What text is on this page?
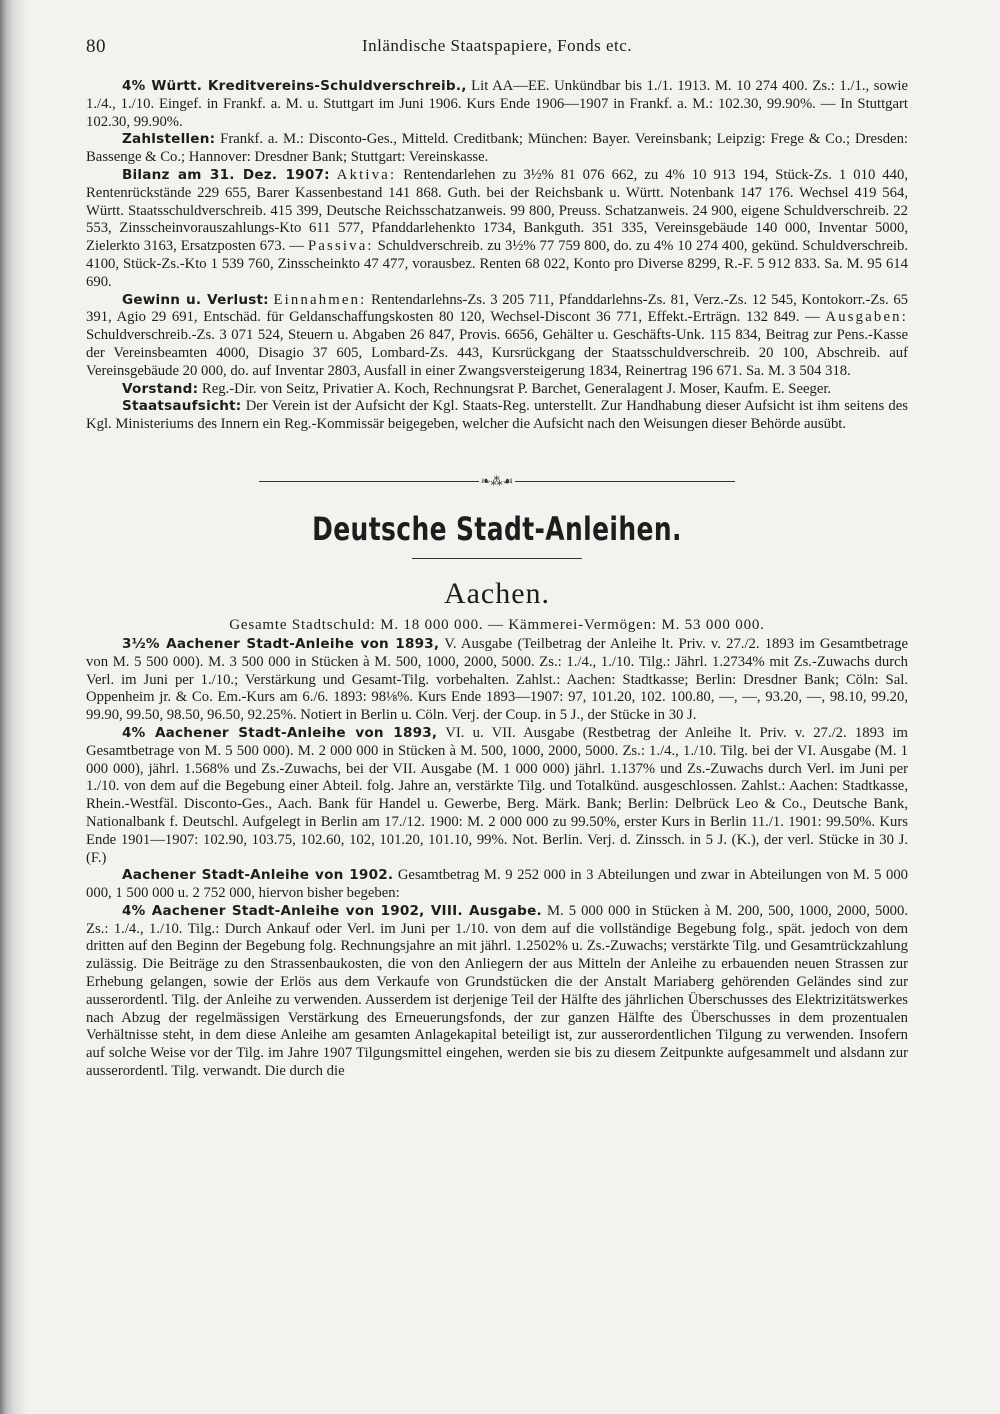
80	Inländische Staatspapiere, Fonds etc.

4% Württ. Kreditvereins-Schuldverschreib., Lit AA—EE. Unkündbar bis 1./1. 1913. M. 10 274 400. Zs.: 1./1., sowie 1./4., 1./10. Eingef. in Frankf. a. M. u. Stuttgart im Juni 1906. Kurs Ende 1906—1907 in Frankf. a. M.: 102.30, 99.90%. — In Stuttgart 102.30, 99.90%.

Zahlstellen: Frankf. a. M.: Disconto-Ges., Mitteld. Creditbank; München: Bayer. Vereinsbank; Leipzig: Frege & Co.; Dresden: Bassenge & Co.; Hannover: Dresdner Bank; Stuttgart: Vereinskasse.

Bilanz am 31. Dez. 1907: Aktiva: Rentendarlehen zu 3½% 81 076 662, zu 4% 10 913 194, Stück-Zs. 1 010 440, Rentenrückstände 229 655, Barer Kassenbestand 141 868. Guth. bei der Reichsbank u. Württ. Notenbank 147 176. Wechsel 419 564, Württ. Staatsschuldverschreib. 415 399, Deutsche Reichsschatzanweis. 99 800, Preuss. Schatzanweis. 24 900, eigene Schuldverschreib. 22 553, Zinsscheinvorauszahlungs-Kto 611 577, Pfanddarlehenkto 1734, Bankguth. 351 335, Vereinsgebäude 140 000, Inventar 5000, Zielerkto 3163, Ersatzposten 673. — Passiva: Schuldverschreib. zu 3½% 77 759 800, do. zu 4% 10 274 400, gekünd. Schuldverschreib. 4100, Stück-Zs.-Kto 1 539 760, Zinsscheinkto 47 477, vorausbez. Renten 68 022, Konto pro Diverse 8299, R.-F. 5 912 833. Sa. M. 95 614 690.

Gewinn u. Verlust: Einnahmen: Rentendarlehns-Zs. 3 205 711, Pfanddarlehns-Zs. 81, Verz.-Zs. 12 545, Kontokorr.-Zs. 65 391, Agio 29 691, Entschäd. für Geldanschaffungskosten 80 120, Wechsel-Discont 36 771, Effekt.-Erträgn. 132 849. — Ausgaben: Schuldverschreib.-Zs. 3 071 524, Steuern u. Abgaben 26 847, Provis. 6656, Gehälter u. Geschäfts-Unk. 115 834, Beitrag zur Pens.-Kasse der Vereinsbeamten 4000, Disagio 37 605, Lombard-Zs. 443, Kursrückgang der Staatsschuldverschreib. 20 100, Abschreib. auf Vereinsgebäude 20 000, do. auf Inventar 2803, Ausfall in einer Zwangsversteigerung 1834, Reinertrag 196 671. Sa. M. 3 504 318.

Vorstand: Reg.-Dir. von Seitz, Privatier A. Koch, Rechnungsrat P. Barchet, Generalagent J. Moser, Kaufm. E. Seeger.

Staatsaufsicht: Der Verein ist der Aufsicht der Kgl. Staats-Reg. unterstellt. Zur Handhabung dieser Aufsicht ist ihm seitens des Kgl. Ministeriums des Innern ein Reg.-Kommissär beigegeben, welcher die Aufsicht nach den Weisungen dieser Behörde ausübt.

❧⁂☙
Deutsche Stadt-Anleihen.
Aachen.
Gesamte Stadtschuld: M. 18 000 000. — Kämmerei-Vermögen: M. 53 000 000.

3½% Aachener Stadt-Anleihe von 1893, V. Ausgabe (Teilbetrag der Anleihe lt. Priv. v. 27./2. 1893 im Gesamtbetrage von M. 5 500 000). M. 3 500 000 in Stücken à M. 500, 1000, 2000, 5000. Zs.: 1./4., 1./10. Tilg.: Jährl. 1.2734% mit Zs.-Zuwachs durch Verl. im Juni per 1./10.; Verstärkung und Gesamt-Tilg. vorbehalten. Zahlst.: Aachen: Stadtkasse; Berlin: Dresdner Bank; Cöln: Sal. Oppenheim jr. & Co. Em.-Kurs am 6./6. 1893: 98⅛%. Kurs Ende 1893—1907: 97, 101.20, 102. 100.80, —, —, 93.20, —, 98.10, 99.20, 99.90, 99.50, 98.50, 96.50, 92.25%. Notiert in Berlin u. Cöln. Verj. der Coup. in 5 J., der Stücke in 30 J.

4% Aachener Stadt-Anleihe von 1893, VI. u. VII. Ausgabe (Restbetrag der Anleihe lt. Priv. v. 27./2. 1893 im Gesamtbetrage von M. 5 500 000). M. 2 000 000 in Stücken à M. 500, 1000, 2000, 5000. Zs.: 1./4., 1./10. Tilg. bei der VI. Ausgabe (M. 1 000 000), jährl. 1.568% und Zs.-Zuwachs, bei der VII. Ausgabe (M. 1 000 000) jährl. 1.137% und Zs.-Zuwachs durch Verl. im Juni per 1./10. von dem auf die Begebung einer Abteil. folg. Jahre an, verstärkte Tilg. und Totalkünd. ausgeschlossen. Zahlst.: Aachen: Stadtkasse, Rhein.-Westfäl. Disconto-Ges., Aach. Bank für Handel u. Gewerbe, Berg. Märk. Bank; Berlin: Delbrück Leo & Co., Deutsche Bank, Nationalbank f. Deutschl. Aufgelegt in Berlin am 17./12. 1900: M. 2 000 000 zu 99.50%, erster Kurs in Berlin 11./1. 1901: 99.50%. Kurs Ende 1901—1907: 102.90, 103.75, 102.60, 102, 101.20, 101.10, 99%. Not. Berlin. Verj. d. Zinssch. in 5 J. (K.), der verl. Stücke in 30 J. (F.)

Aachener Stadt-Anleihe von 1902. Gesamtbetrag M. 9 252 000 in 3 Abteilungen und zwar in Abteilungen von M. 5 000 000, 1 500 000 u. 2 752 000, hiervon bisher begeben:

4% Aachener Stadt-Anleihe von 1902, VIII. Ausgabe. M. 5 000 000 in Stücken à M. 200, 500, 1000, 2000, 5000. Zs.: 1./4., 1./10. Tilg.: Durch Ankauf oder Verl. im Juni per 1./10. von dem auf die vollständige Begebung folg., spät. jedoch von dem dritten auf den Beginn der Begebung folg. Rechnungsjahre an mit jährl. 1.2502% u. Zs.-Zuwachs; verstärkte Tilg. und Gesamtrückzahlung zulässig. Die Beiträge zu den Strassenbaukosten, die von den Anliegern der aus Mitteln der Anleihe zu erbauenden neuen Strassen zur Erhebung gelangen, sowie der Erlös aus dem Verkaufe von Grundstücken die der Anstalt Mariaberg gehörenden Geländes sind zur ausserordentl. Tilg. der Anleihe zu verwenden. Ausserdem ist derjenige Teil der Hälfte des jährlichen Überschusses des Elektrizitätswerkes nach Abzug der regelmässigen Verstärkung des Erneuerungsfonds, der zur ganzen Hälfte des Überschusses in dem prozentualen Verhältnisse steht, in dem diese Anleihe am gesamten Anlagekapital beteiligt ist, zur ausserordentlichen Tilgung zu verwenden. Insofern auf solche Weise vor der Tilg. im Jahre 1907 Tilgungsmittel eingehen, werden sie bis zu diesem Zeitpunkte aufgesammelt und alsdann zur ausserordentl. Tilg. verwandt. Die durch die
